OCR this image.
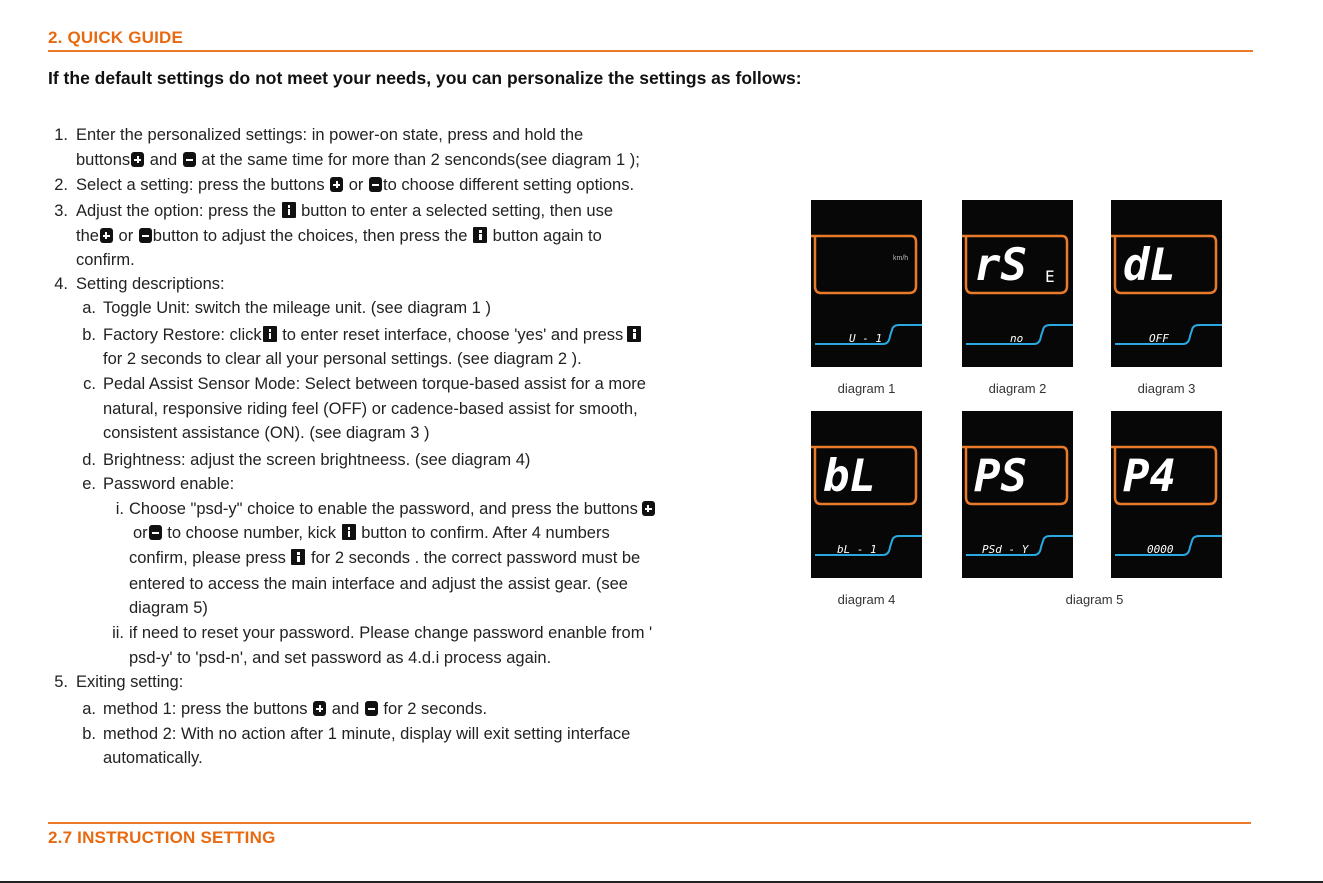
2. QUICK GUIDE
If the default settings do not meet your needs, you can personalize the settings as follows:
1. Enter the personalized settings: in power-on state, press and hold the
buttons and  at the same time for more than 2 senconds(see diagram 1 );
2. Select a setting: press the buttons  or to choose different setting options.
3. Adjust the option: press the  button to enter a selected setting, then use
the or button to adjust the choices, then press the  button again to
confirm.
4. Setting descriptions:
a. Toggle Unit: switch the mileage unit. (see diagram 1 )
b. Factory Restore: click to enter reset interface, choose 'yes' and press
for 2 seconds to clear all your personal settings. (see diagram 2 ).
c. Pedal Assist Sensor Mode: Select between torque-based assist for a more
natural, responsive riding feel (OFF) or cadence-based assist for smooth,
consistent assistance (ON). (see diagram 3 )
d. Brightness: adjust the screen brightneess. (see diagram 4)
e. Password enable:
i. Choose "psd-y" choice to enable the password, and press the buttons
or to choose number, kick  button to confirm. After 4 numbers
confirm, please press  for 2 seconds . the correct password must be
entered to access the main interface and adjust the assist gear. (see
diagram 5)
ii. if need to reset your password. Please change password enanble from '
psd-y' to 'psd-n', and set password as 4.d.i process again.
5. Exiting setting:
a. method 1: press the buttons  and  for 2 seconds.
b. method 2: With no action after 1 minute, display will exit setting interface
automatically.
km/h
U - 1
rS E
no
dL
OFF
diagram 1	diagram 2	diagram 3
bL
bL - 1
PS
PSd - Y
P4
0000
diagram 4	diagram 5
2.7 INSTRUCTION SETTING
